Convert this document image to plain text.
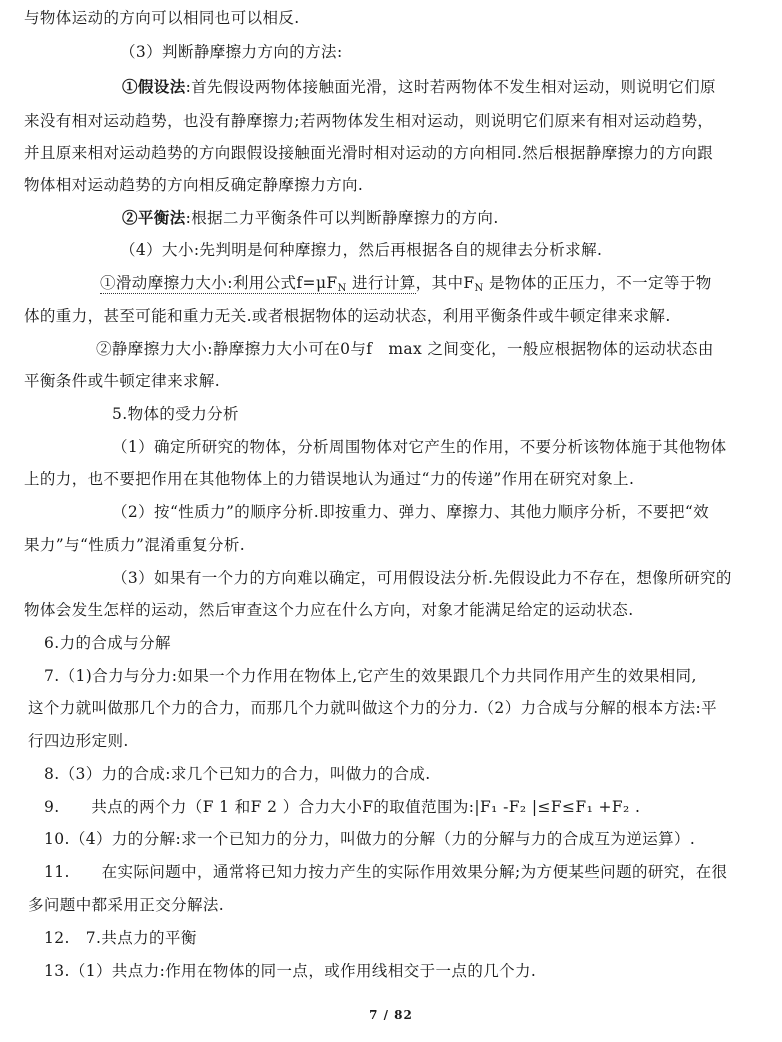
与物体运动的方向可以相同也可以相反.
（3）判断静摩擦力方向的方法:
①假设法:首先假设两物体接触面光滑，这时若两物体不发生相对运动，则说明它们原
来没有相对运动趋势，也没有静摩擦力;若两物体发生相对运动，则说明它们原来有相对运动趋势，
并且原来相对运动趋势的方向跟假设接触面光滑时相对运动的方向相同.然后根据静摩擦力的方向跟
物体相对运动趋势的方向相反确定静摩擦力方向.
②平衡法:根据二力平衡条件可以判断静摩擦力的方向.
（4）大小:先判明是何种摩擦力，然后再根据各自的规律去分析求解.
①滑动摩擦力大小:利用公式$f=\mu F_N$ 进行计算，其中$F_N$ 是物体的正压力，不一定等于物
体的重力，甚至可能和重力无关.或者根据物体的运动状态，利用平衡条件或牛顿定律来求解.
②静摩擦力大小:静摩擦力大小可在0与f　max 之间变化，一般应根据物体的运动状态由
平衡条件或牛顿定律来求解.
5.物体的受力分析
（1）确定所研究的物体，分析周围物体对它产生的作用，不要分析该物体施于其他物体
上的力，也不要把作用在其他物体上的力错误地认为通过“力的传递”作用在研究对象上.
（2）按“性质力”的顺序分析.即按重力、弹力、摩擦力、其他力顺序分析，不要把“效
果力”与“性质力”混淆重复分析.
（3）如果有一个力的方向难以确定，可用假设法分析.先假设此力不存在，想像所研究的
物体会发生怎样的运动，然后审查这个力应在什么方向，对象才能满足给定的运动状态.
6.力的合成与分解
7.（1)合力与分力:如果一个力作用在物体上,它产生的效果跟几个力共同作用产生的效果相同,
这个力就叫做那几个力的合力，而那几个力就叫做这个力的分力.（2）力合成与分解的根本方法:平
行四边形定则.
8.（3）力的合成:求几个已知力的合力，叫做力的合成.
9.　　共点的两个力（F 1 和F 2 ）合力大小F的取值范围为:|F₁ -F₂ |≤F≤F₁ +F₂ .
10.（4）力的分解:求一个已知力的分力，叫做力的分解（力的分解与力的合成互为逆运算）.
11.　　在实际问题中，通常将已知力按力产生的实际作用效果分解;为方便某些问题的研究，在很
多问题中都采用正交分解法.
12.　7.共点力的平衡
13.（1）共点力:作用在物体的同一点，或作用线相交于一点的几个力.
7 / 82
